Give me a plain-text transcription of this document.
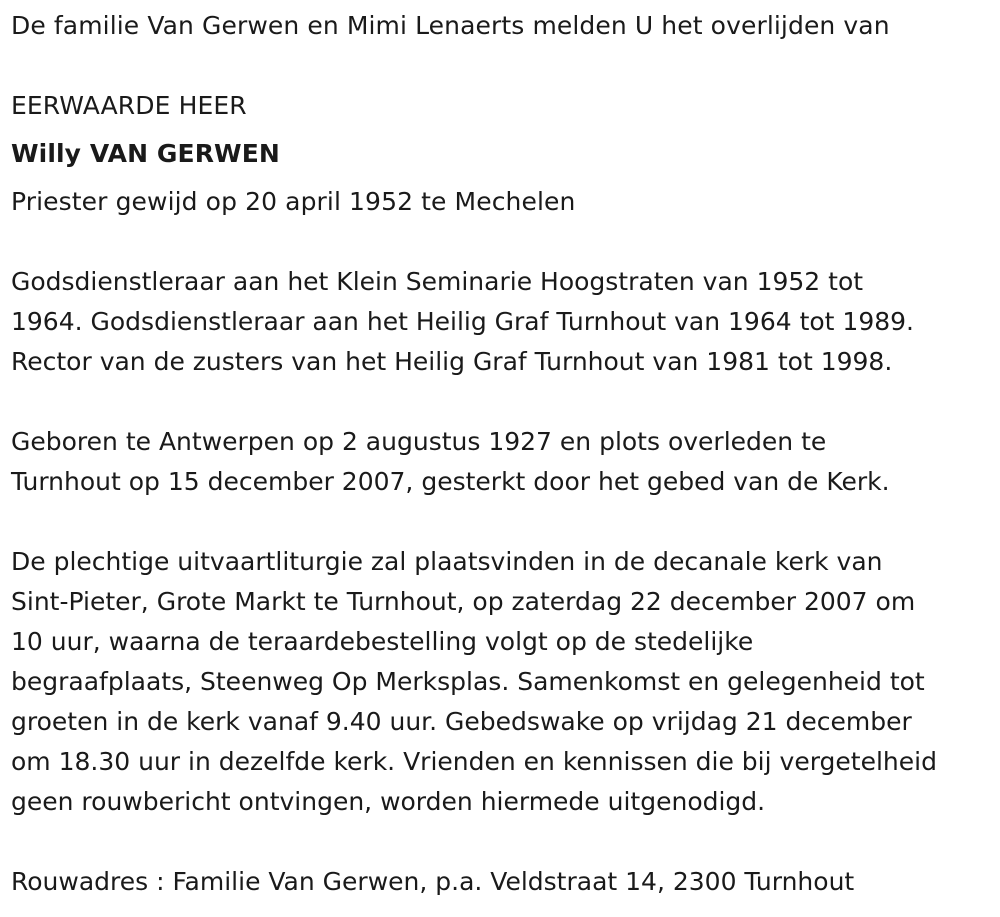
De familie Van Gerwen en Mimi Lenaerts melden U het overlijden van
EERWAARDE HEER
Willy VAN GERWEN
Priester gewijd op 20 april 1952 te Mechelen
Godsdienstleraar aan het Klein Seminarie Hoogstraten van 1952 tot
1964. Godsdienstleraar aan het Heilig Graf Turnhout van 1964 tot 1989.
Rector van de zusters van het Heilig Graf Turnhout van 1981 tot 1998.
Geboren te Antwerpen op 2 augustus 1927 en plots overleden te
Turnhout op 15 december 2007, gesterkt door het gebed van de Kerk.
De plechtige uitvaartliturgie zal plaatsvinden in de decanale kerk van
Sint-Pieter, Grote Markt te Turnhout, op zaterdag 22 december 2007 om
10 uur, waarna de teraardebestelling volgt op de stedelijke
begraafplaats, Steenweg Op Merksplas. Samenkomst en gelegenheid tot
groeten in de kerk vanaf 9.40 uur. Gebedswake op vrijdag 21 december
om 18.30 uur in dezelfde kerk. Vrienden en kennissen die bij vergetelheid
geen rouwbericht ontvingen, worden hiermede uitgenodigd.
Rouwadres : Familie Van Gerwen, p.a. Veldstraat 14, 2300 Turnhout
